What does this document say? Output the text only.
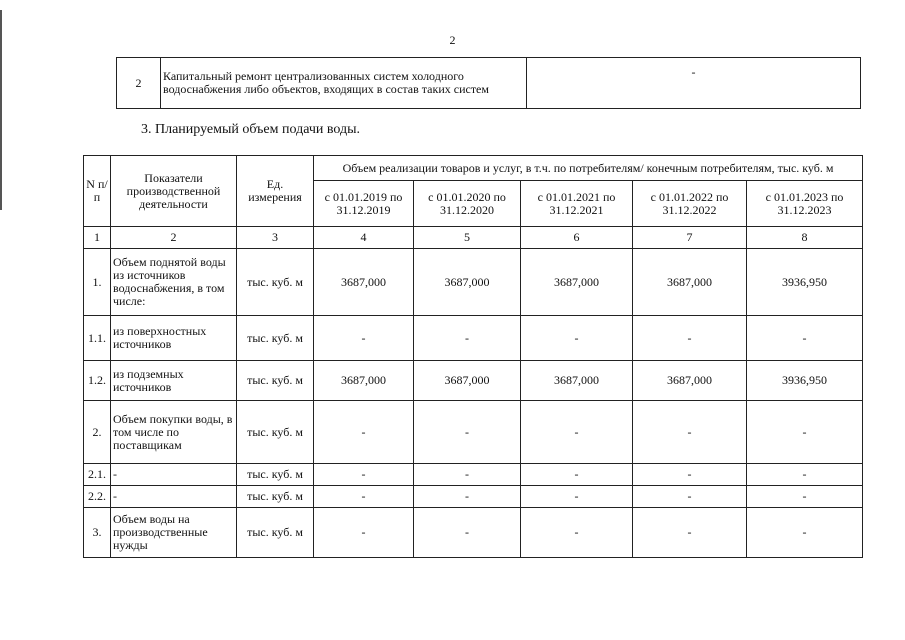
2
2	Капитальный ремонт централизованных систем холодного
водоснабжения либо объектов, входящих в состав таких систем
	-
3. Планируемый объем подачи воды.
N п/п	Показатели производственной деятельности	Ед. измерения	Объем реализации товаров и услуг, в т.ч. по потребителям/ конечным потребителям, тыс. куб. м				
			с 01.01.2019 по 31.12.2019	с 01.01.2020 по 31.12.2020	с 01.01.2021 по 31.12.2021	с 01.01.2022 по 31.12.2022	с 01.01.2023 по 31.12.2023
1	2	3	4	5	6	7	8
1.	Объем поднятой воды из источников водоснабжения, в том числе:	тыс. куб. м	3687,000	3687,000	3687,000	3687,000	3936,950
1.1.	из поверхностных источников	тыс. куб. м	-	-	-	-	-
1.2.	из подземных источников	тыс. куб. м	3687,000	3687,000	3687,000	3687,000	3936,950
2.	Объем покупки воды, в том числе по поставщикам	тыс. куб. м	-	-	-	-	-
2.1.	-	тыс. куб. м	-	-	-	-	-
2.2.	-	тыс. куб. м	-	-	-	-	-
3.	Объем воды на производственные нужды	тыс. куб. м	-	-	-	-	-
